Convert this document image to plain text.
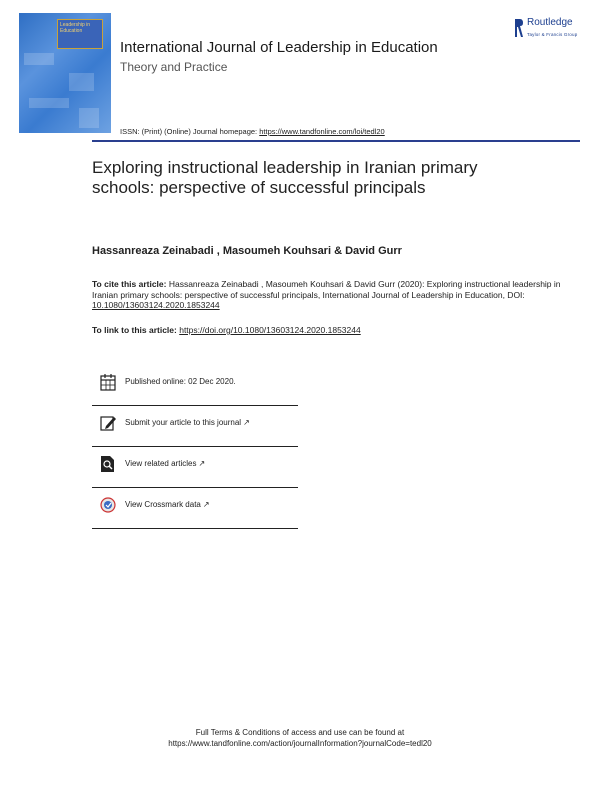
Leadership in Education
International Journal of Leadership in Education
Theory and Practice
ISSN: (Print) (Online) Journal homepage: https://www.tandfonline.com/loi/tedl20
Routledge
Taylor & Francis Group
Exploring instructional leadership in Iranian primary schools: perspective of successful principals
Hassanreaza Zeinabadi , Masoumeh Kouhsari & David Gurr
To cite this article: Hassanreaza Zeinabadi , Masoumeh Kouhsari & David Gurr (2020): Exploring instructional leadership in Iranian primary schools: perspective of successful principals, International Journal of Leadership in Education, DOI: 10.1080/13603124.2020.1853244
To link to this article: https://doi.org/10.1080/13603124.2020.1853244
Published online: 02 Dec 2020.
Submit your article to this journal ↗
View related articles ↗
View Crossmark data ↗
Full Terms & Conditions of access and use can be found at
https://www.tandfonline.com/action/journalInformation?journalCode=tedl20
